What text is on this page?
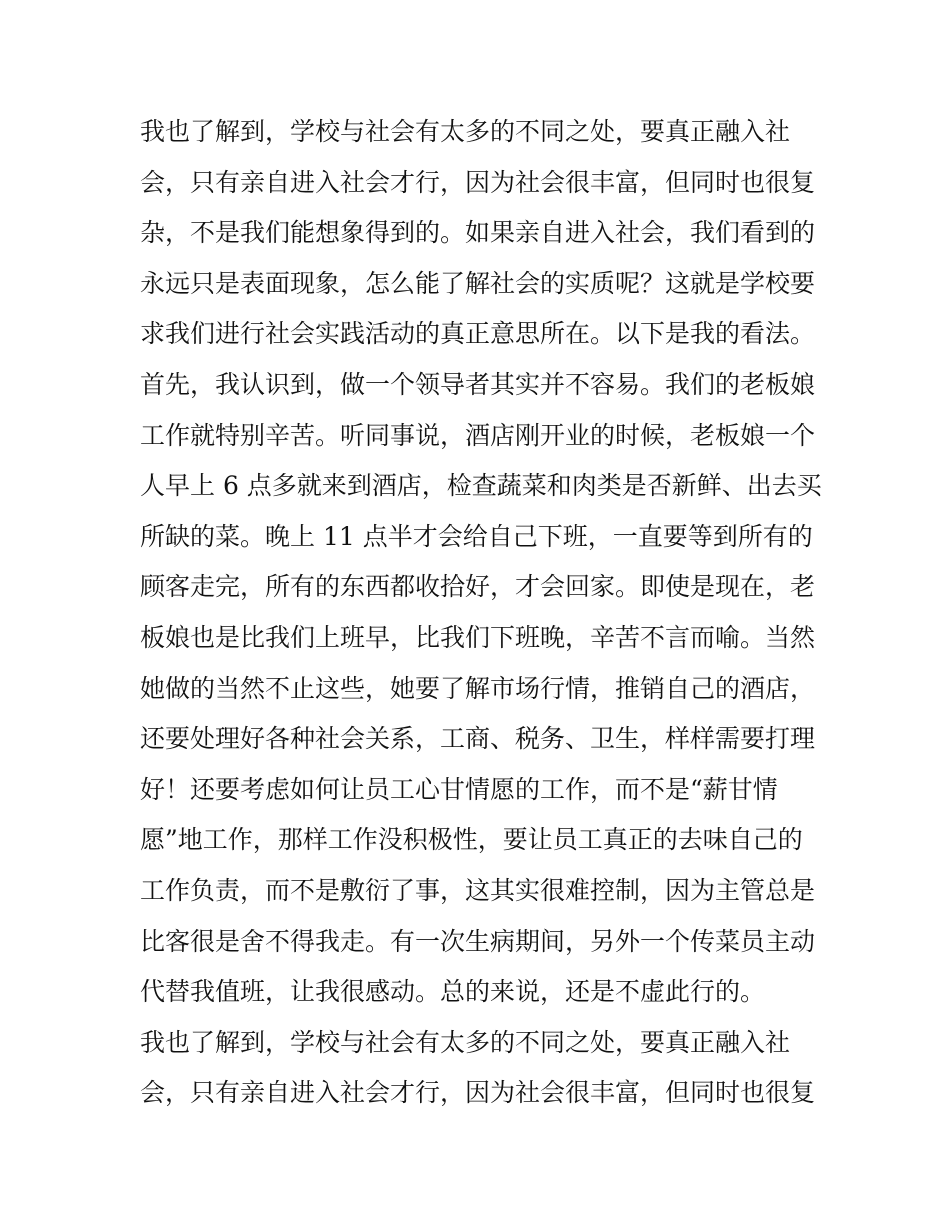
我也了解到，学校与社会有太多的不同之处，要真正融入社
会，只有亲自进入社会才行，因为社会很丰富，但同时也很复
杂，不是我们能想象得到的。如果亲自进入社会，我们看到的
永远只是表面现象，怎么能了解社会的实质呢？这就是学校要
求我们进行社会实践活动的真正意思所在。以下是我的看法。
首先，我认识到，做一个领导者其实并不容易。我们的老板娘
工作就特别辛苦。听同事说，酒店刚开业的时候，老板娘一个
人早上 6 点多就来到酒店，检查蔬菜和肉类是否新鲜、出去买
所缺的菜。晚上 11 点半才会给自己下班，一直要等到所有的
顾客走完，所有的东西都收拾好，才会回家。即使是现在，老
板娘也是比我们上班早，比我们下班晚，辛苦不言而喻。当然
她做的当然不止这些，她要了解市场行情，推销自己的酒店，
还要处理好各种社会关系，工商、税务、卫生，样样需要打理
好！还要考虑如何让员工心甘情愿的工作，而不是“薪甘情
愿”地工作，那样工作没积极性，要让员工真正的去味自己的
工作负责，而不是敷衍了事，这其实很难控制，因为主管总是
比客很是舍不得我走。有一次生病期间，另外一个传菜员主动
代替我值班，让我很感动。总的来说，还是不虚此行的。
我也了解到，学校与社会有太多的不同之处，要真正融入社
会，只有亲自进入社会才行，因为社会很丰富，但同时也很复
